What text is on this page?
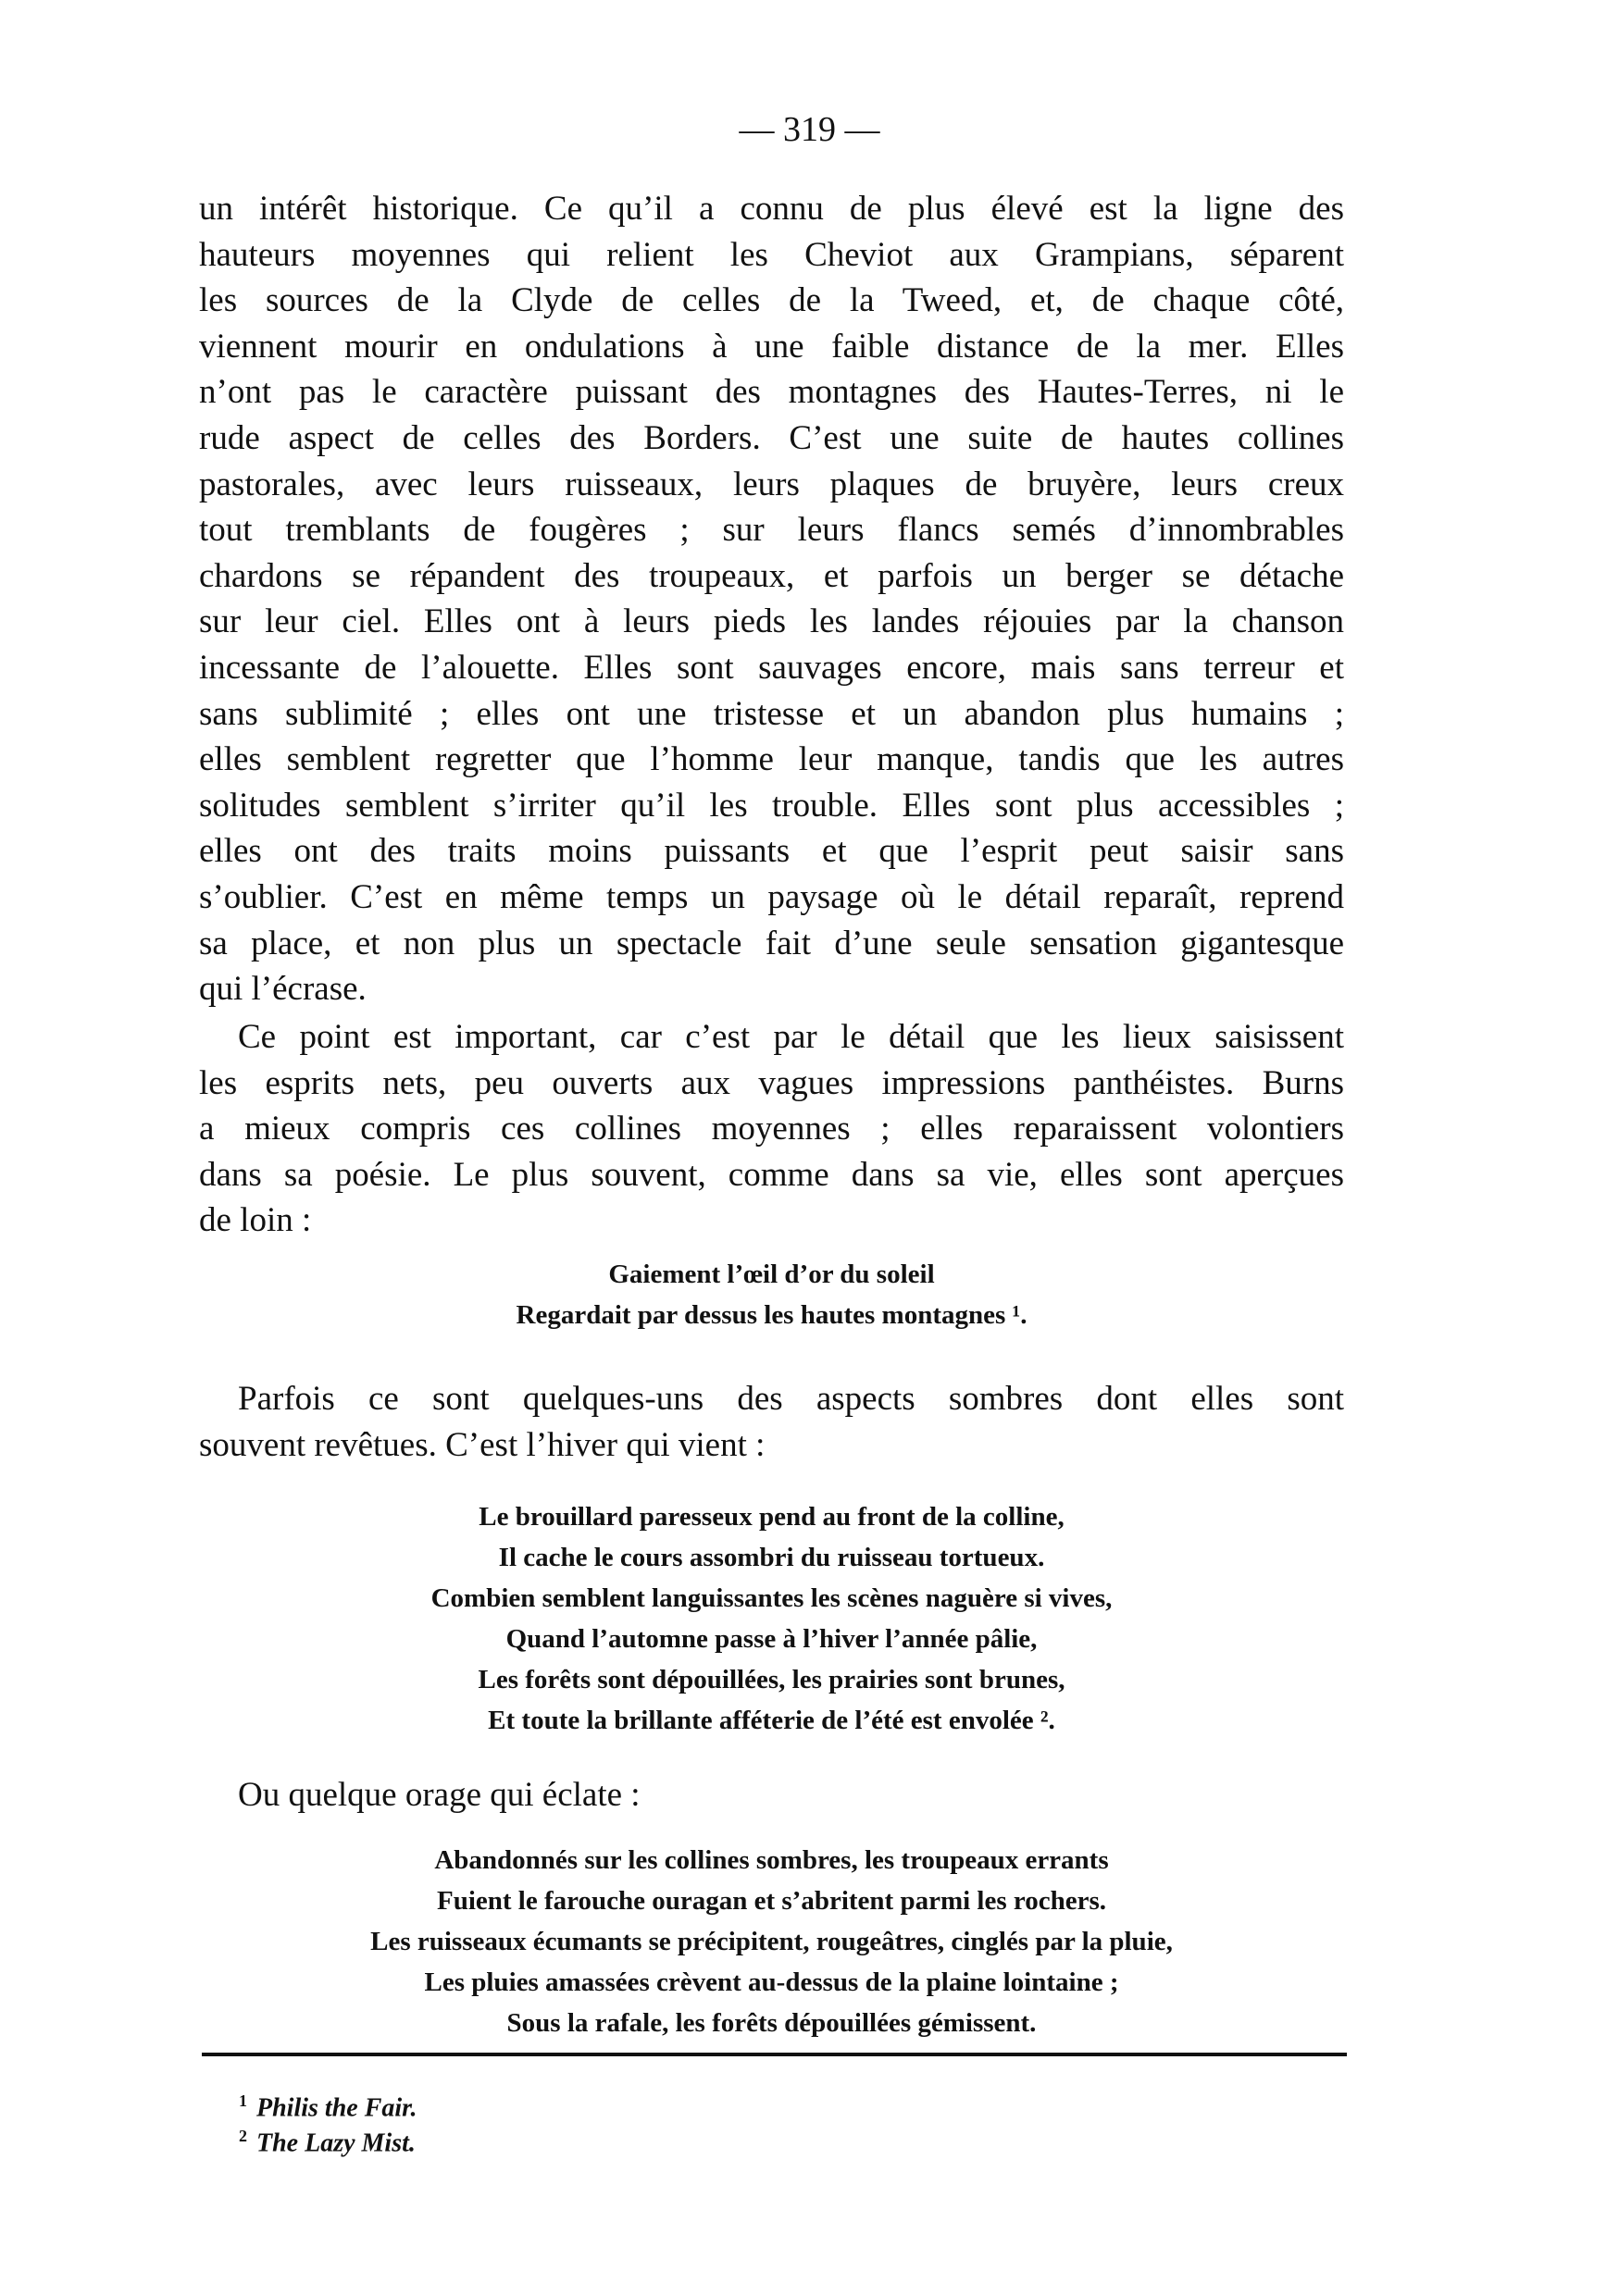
— 319 —
un intérêt historique. Ce qu’il a connu de plus élevé est la ligne des
hauteurs moyennes qui relient les Cheviot aux Grampians, séparent
les sources de la Clyde de celles de la Tweed, et, de chaque côté,
viennent mourir en ondulations à une faible distance de la mer. Elles
n’ont pas le caractère puissant des montagnes des Hautes-Terres, ni le
rude aspect de celles des Borders. C’est une suite de hautes collines
pastorales, avec leurs ruisseaux, leurs plaques de bruyère, leurs creux
tout tremblants de fougères ; sur leurs flancs semés d’innombrables
chardons se répandent des troupeaux, et parfois un berger se détache
sur leur ciel. Elles ont à leurs pieds les landes réjouies par la chanson
incessante de l’alouette. Elles sont sauvages encore, mais sans terreur et
sans sublimité ; elles ont une tristesse et un abandon plus humains ;
elles semblent regretter que l’homme leur manque, tandis que les autres
solitudes semblent s’irriter qu’il les trouble. Elles sont plus accessibles ;
elles ont des traits moins puissants et que l’esprit peut saisir sans
s’oublier. C’est en même temps un paysage où le détail reparaît, reprend
sa place, et non plus un spectacle fait d’une seule sensation gigantesque
qui l’écrase.
Ce point est important, car c’est par le détail que les lieux saisissent
les esprits nets, peu ouverts aux vagues impressions panthéistes. Burns
a mieux compris ces collines moyennes ; elles reparaissent volontiers
dans sa poésie. Le plus souvent, comme dans sa vie, elles sont aperçues
de loin :
Gaiement l’œil d’or du soleil
Regardait par dessus les hautes montagnes ¹.
Parfois ce sont quelques-uns des aspects sombres dont elles sont
souvent revêtues. C’est l’hiver qui vient :
Le brouillard paresseux pend au front de la colline,
Il cache le cours assombri du ruisseau tortueux.
Combien semblent languissantes les scènes naguère si vives,
Quand l’automne passe à l’hiver l’année pâlie,
Les forêts sont dépouillées, les prairies sont brunes,
Et toute la brillante afféterie de l’été est envolée ².
Ou quelque orage qui éclate :
Abandonnés sur les collines sombres, les troupeaux errants
Fuient le farouche ouragan et s’abritent parmi les rochers.
Les ruisseaux écumants se précipitent, rougeâtres, cinglés par la pluie,
Les pluies amassées crèvent au-dessus de la plaine lointaine ;
Sous la rafale, les forêts dépouillées gémissent.
$^1$ Philis the Fair.
$^2$ The Lazy Mist.
